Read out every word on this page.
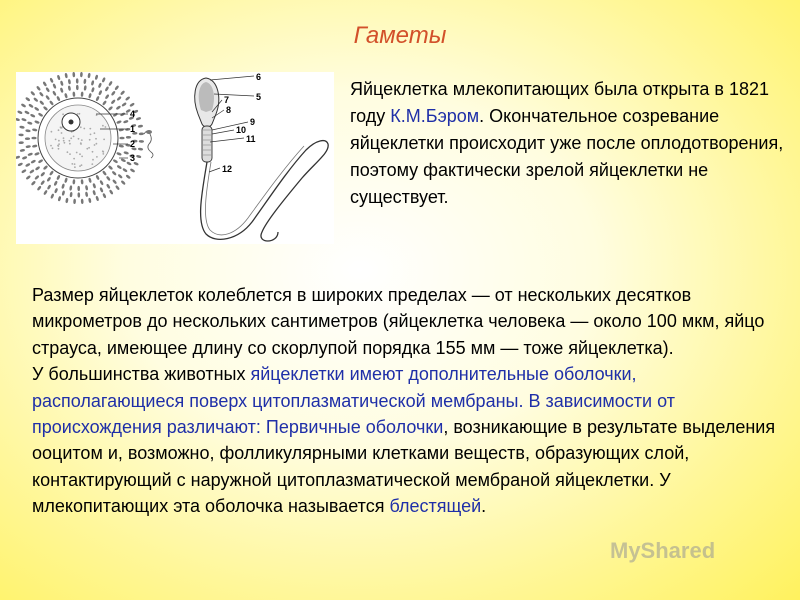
Гаметы
4
1
2
3
6
5
7
8
9
10
11
12
Яйцеклетка млекопитающих была открыта в 1821 году К.М.Бэром. Окончательное созревание яйцеклетки происходит уже после оплодотворения, поэтому фактически зрелой яйцеклетки не существует.
Размер яйцеклеток колеблется в широких пределах — от нескольких десятков микрометров до нескольких сантиметров (яйцеклетка человека — около 100 мкм, яйцо страуса, имеющее длину со скорлупой порядка 155 мм — тоже яйцеклетка).
У большинства животных яйцеклетки имеют дополнительные оболочки, располагающиеся поверх цитоплазматической мембраны. В зависимости от происхождения различают: Первичные оболочки, возникающие в результате выделения ооцитом и, возможно, фолликулярными клетками веществ, образующих слой, контактирующий с наружной цитоплазматической мембраной яйцеклетки. У млекопитающих эта оболочка называется блестящей.
MyShared
